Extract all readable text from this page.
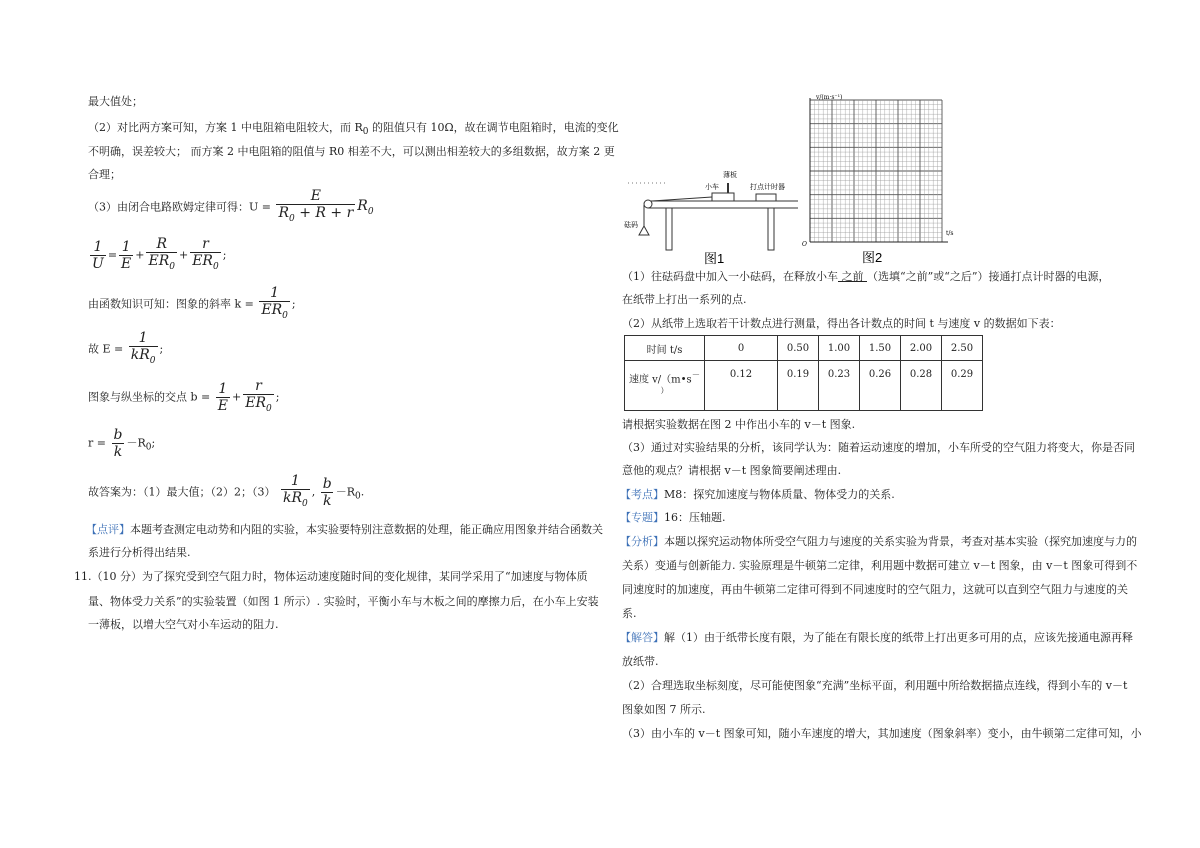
最大值处；
（2）对比两方案可知，方案 1 中电阻箱电阻较大，而 $R_0$ 的阻值只有 10Ω，故在调节电阻箱时，电流的变化
不明确，误差较大； 而方案 2 中电阻箱的阻值与 R0 相差不大，可以测出相差较大的多组数据，故方案 2 更
合理；
（3）由闭合电路欧姆定律可得：$U = \frac{E}{R_0 + R + r} R_0$
$\frac{1}{U} = \frac{1}{E} + \frac{R}{ER_0} + \frac{r}{ER_0}$ ;
由函数知识可知：图象的斜率 $k = \frac{1}{ER_0}$ ;
故 $E = \frac{1}{kR_0}$ ;
图象与纵坐标的交点 $b = \frac{1}{E} + \frac{r}{ER_0}$ ;
$r = \frac{b}{k} -R_0$;
故答案为：（1）最大值；（2）2；$(3) \frac{1}{kR_0}$ , $\frac{b}{k} -R_0$.
【点评】本题考查测定电动势和内阻的实验，本实验要特别注意数据的处理，能正确应用图象并结合函数关
系进行分析得出结果.
11.（10 分）为了探究受到空气阻力时，物体运动速度随时间的变化规律，某同学采用了“加速度与物体质
量、物体受力关系”的实验装置（如图 1 所示）. 实验时，平衡小车与木板之间的摩擦力后，在小车上安装
一薄板，以增大空气对小车运动的阻力.
薄板
小车	打点计时器
砝码
图1
v/(m·s⁻¹)
t/s
O
图2
（1）往砝码盘中加入一小砝码，在释放小车 之前 （选填“之前”或“之后”）接通打点计时器的电源，
在纸带上打出一系列的点.
（2）从纸带上选取若干计数点进行测量，得出各计数点的时间 t 与速度 v 的数据如下表：
时间 t/s	0	0.50	1.00	1.50	2.00	2.50
速度 v/（m•s－
）	0.12	0.19	0.23	0.26	0.28	0.29
请根据实验数据在图 2 中作出小车的 v－t 图象.
（3）通过对实验结果的分析，该同学认为：随着运动速度的增加，小车所受的空气阻力将变大，你是否同
意他的观点？请根据 v－t 图象简要阐述理由.
【考点】M8：探究加速度与物体质量、物体受力的关系.
【专题】16：压轴题.
【分析】本题以探究运动物体所受空气阻力与速度的关系实验为背景，考查对基本实验（探究加速度与力的
关系）变通与创新能力. 实验原理是牛顿第二定律，利用题中数据可建立 v－t 图象，由 v－t 图象可得到不
同速度时的加速度，再由牛顿第二定律可得到不同速度时的空气阻力，这就可以直到空气阻力与速度的关
系.
【解答】解（1）由于纸带长度有限，为了能在有限长度的纸带上打出更多可用的点，应该先接通电源再释
放纸带.
（2）合理选取坐标刻度，尽可能使图象“充满”坐标平面，利用题中所给数据描点连线，得到小车的 v－t
图象如图 7 所示.
（3）由小车的 v－t 图象可知，随小车速度的增大，其加速度（图象斜率）变小，由牛顿第二定律可知，小
